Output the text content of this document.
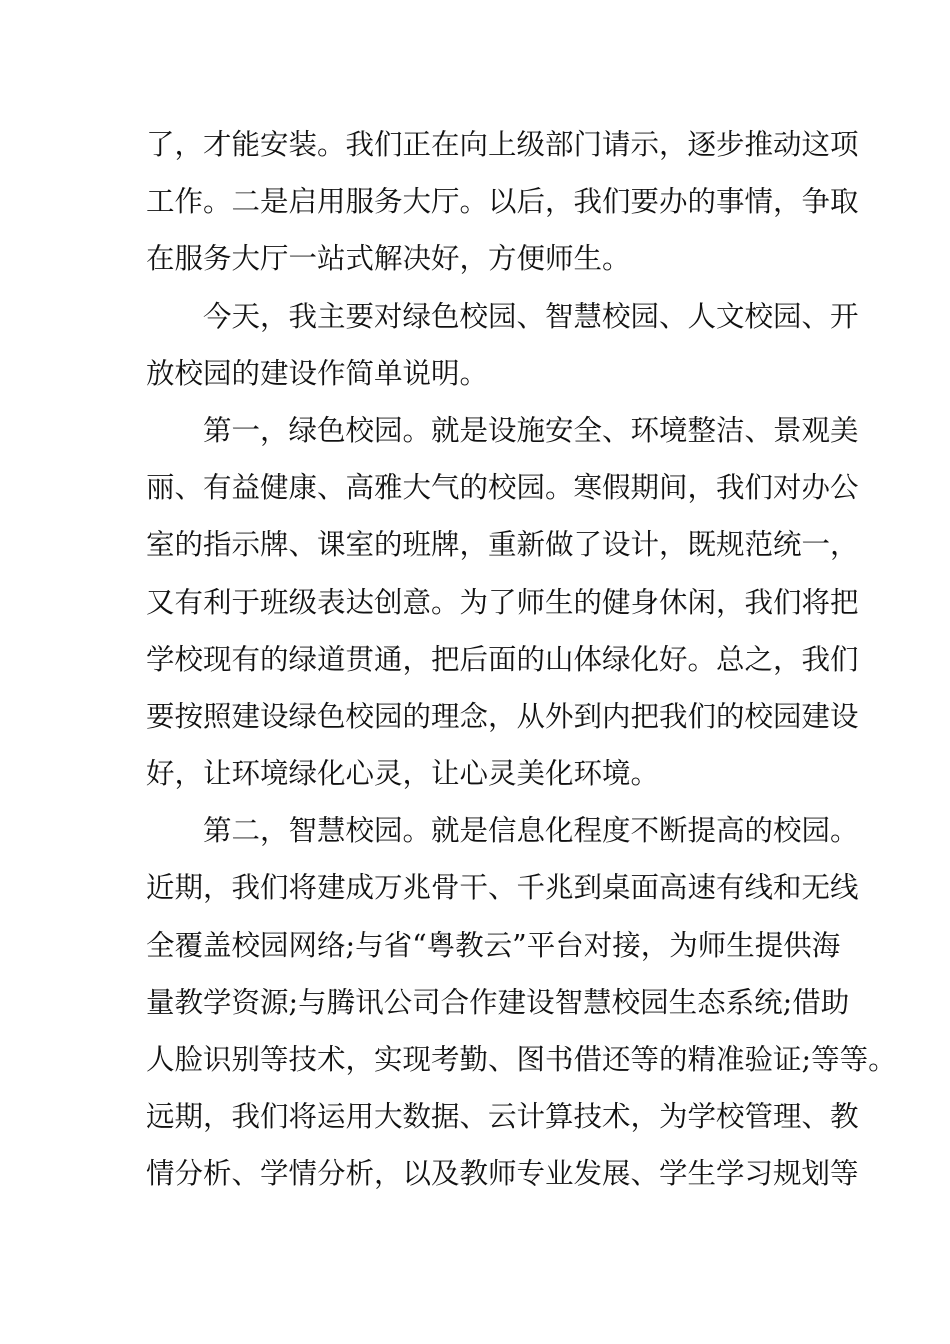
了，才能安装。我们正在向上级部门请示，逐步推动这项
工作。二是启用服务大厅。以后，我们要办的事情，争取
在服务大厅一站式解决好，方便师生。
今天，我主要对绿色校园、智慧校园、人文校园、开
放校园的建设作简单说明。
第一，绿色校园。就是设施安全、环境整洁、景观美
丽、有益健康、高雅大气的校园。寒假期间，我们对办公
室的指示牌、课室的班牌，重新做了设计，既规范统一，
又有利于班级表达创意。为了师生的健身休闲，我们将把
学校现有的绿道贯通，把后面的山体绿化好。总之，我们
要按照建设绿色校园的理念，从外到内把我们的校园建设
好，让环境绿化心灵，让心灵美化环境。
第二，智慧校园。就是信息化程度不断提高的校园。
近期，我们将建成万兆骨干、千兆到桌面高速有线和无线
全覆盖校园网络;与省“粤教云”平台对接，为师生提供海
量教学资源;与腾讯公司合作建设智慧校园生态系统;借助
人脸识别等技术，实现考勤、图书借还等的精准验证;等等。
远期，我们将运用大数据、云计算技术，为学校管理、教
情分析、学情分析，以及教师专业发展、学生学习规划等
